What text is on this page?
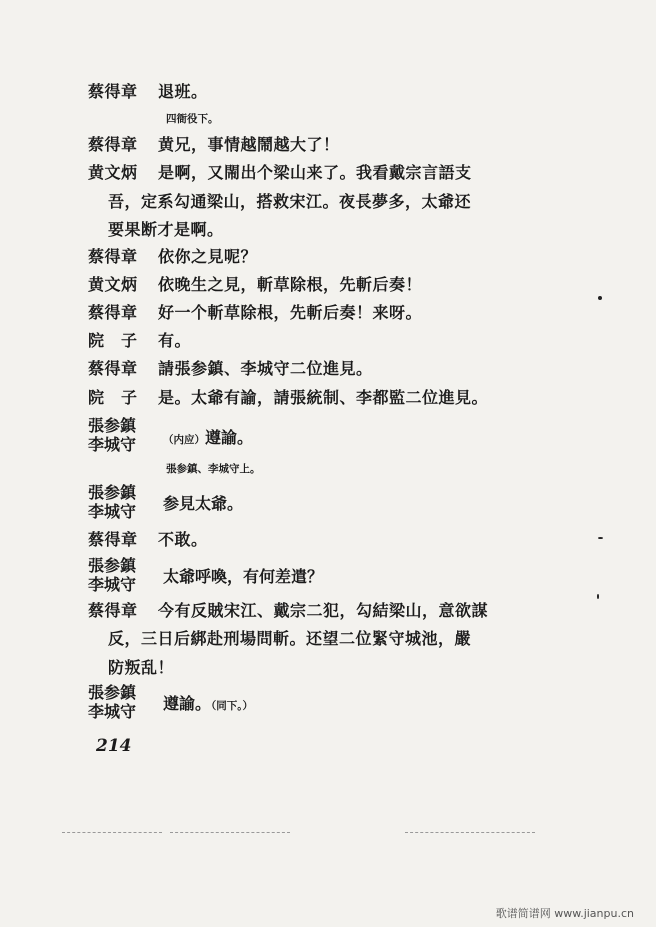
蔡得章 退班。
四衙役下。
蔡得章 黄兄，事情越鬧越大了！
黄文炳 是啊，又閙出个梁山来了。我看戴宗言語支
吾，定系勾通梁山，搭救宋江。夜長夢多，太爺还
要果断才是啊。
蔡得章 依你之見呢？
黄文炳 依晚生之見，斬草除根，先斬后奏！
蔡得章 好一个斬草除根，先斬后奏！来呀。
院　子 有。
蔡得章 請張参鎮、李城守二位進見。
院　子 是。太爺有諭，請張統制、李都監二位進見。
張参鎮
李城守	（内应）遵諭。
張参鎮、李城守上。
張参鎮
李城守	参見太爺。
蔡得章 不敢。
張参鎮
李城守	太爺呼喚，有何差遣？
蔡得章 今有反賊宋江、戴宗二犯，勾結梁山，意欲謀
反，三日后綁赴刑場問斬。还望二位緊守城池，嚴
防叛乱！
張参鎮
李城守	遵諭。（同下。）
214
歌谱简谱网 www.jianpu.cn
